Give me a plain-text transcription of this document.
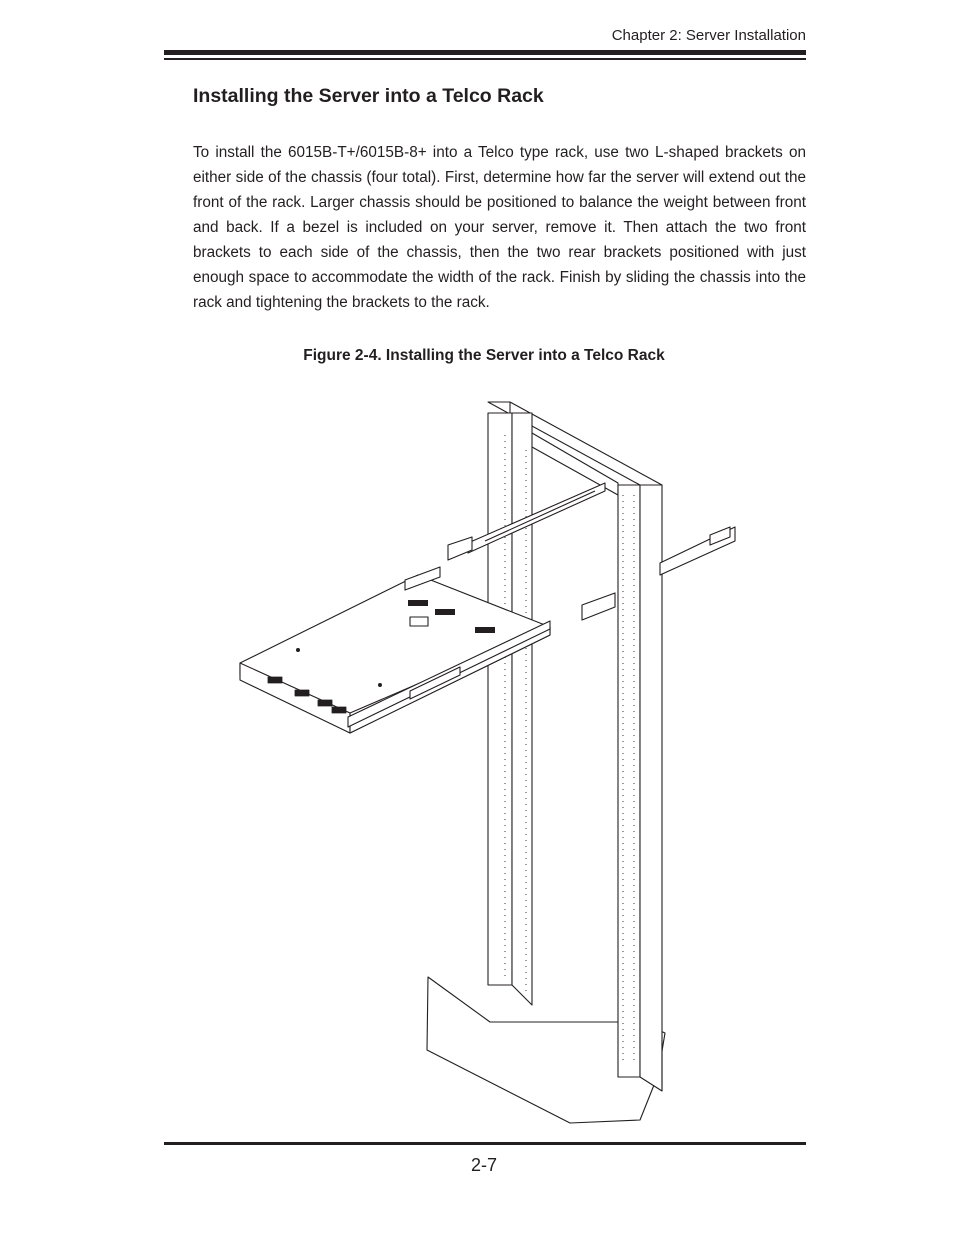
Chapter 2: Server Installation
Installing the Server into a Telco Rack

To install the 6015B-T+/6015B-8+ into a Telco type rack, use two L-shaped brackets on either side of the chassis (four total). First, determine how far the server will extend out the front of the rack. Larger chassis should be positioned to balance the weight between front and back. If a bezel is included on your server, remove it. Then attach the two front brackets to each side of the chassis, then the two rear brackets positioned with just enough space to accommodate the width of the rack. Finish by sliding the chassis into the rack and tightening the brackets to the rack.

Figure 2-4. Installing the Server into a Telco Rack

2-7
